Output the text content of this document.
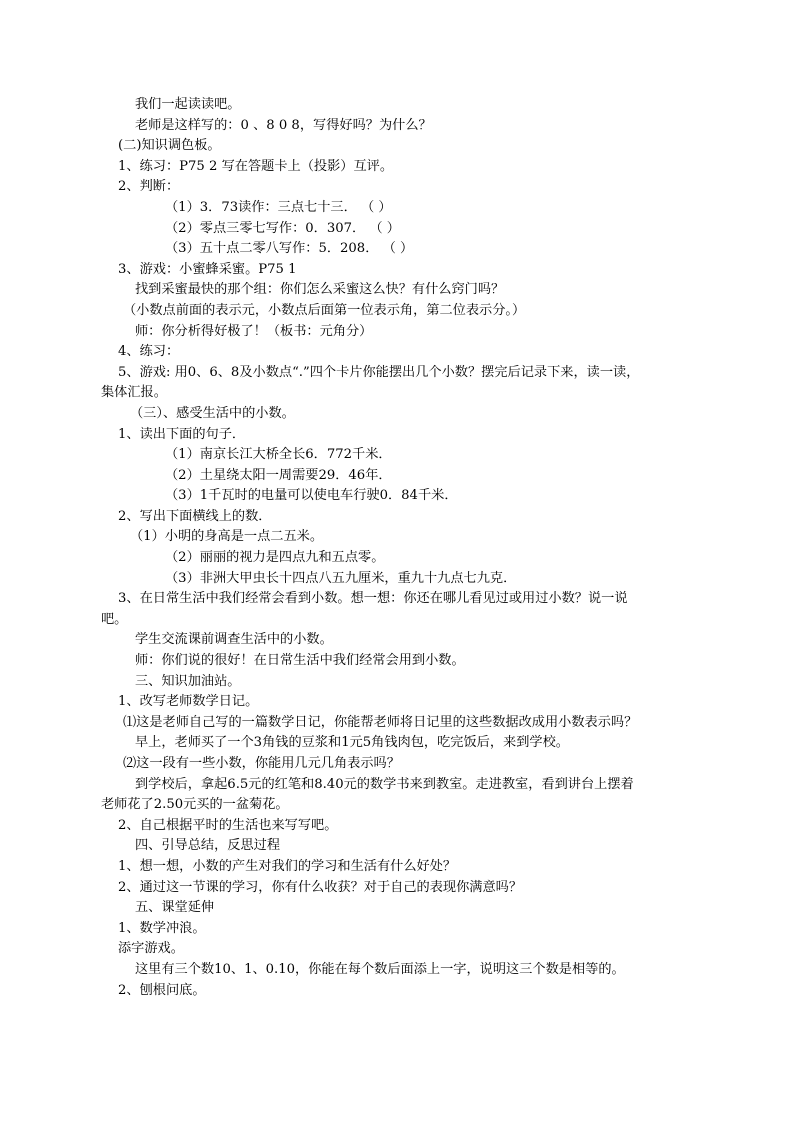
我们一起读读吧。
老师是这样写的：0 、8 0 8，写得好吗？为什么？
(二)知识调色板。
1、练习：P75 2 写在答题卡上（投影）互评。
2、判断：
（1）3．73读作：三点七十三． （ ）
（2）零点三零七写作：0．307． （ ）
（3）五十点二零八写作：5．208． （ ）
3、游戏：小蜜蜂采蜜。P75 1
找到采蜜最快的那个组：你们怎么采蜜这么快？有什么窍门吗？
（小数点前面的表示元，小数点后面第一位表示角，第二位表示分。）
师：你分析得好极了！（板书：元角分）
4、练习：
5、游戏: 用0、6、8及小数点“.”四个卡片你能摆出几个小数？摆完后记录下来，读一读，
集体汇报。
（三）、感受生活中的小数。
1、读出下面的句子．
（1）南京长江大桥全长6．772千米．
（2）土星绕太阳一周需要29．46年．
（3）1千瓦时的电量可以使电车行驶0．84千米．
2、写出下面横线上的数．
（1）小明的身高是一点二五米。
（2）丽丽的视力是四点九和五点零。
（3）非洲大甲虫长十四点八五九厘米，重九十九点七九克．
3、在日常生活中我们经常会看到小数。想一想：你还在哪儿看见过或用过小数？说一说
吧。
学生交流课前调查生活中的小数。
师：你们说的很好！在日常生活中我们经常会用到小数。
三、知识加油站。
1、改写老师数学日记。
⑴这是老师自己写的一篇数学日记，你能帮老师将日记里的这些数据改成用小数表示吗？
早上，老师买了一个3角钱的豆浆和1元5角钱肉包，吃完饭后，来到学校。
⑵这一段有一些小数，你能用几元几角表示吗？
到学校后，拿起6.5元的红笔和8.40元的数学书来到教室。走进教室，看到讲台上摆着
老师花了2.50元买的一盆菊花。
2、自己根据平时的生活也来写写吧。
四、引导总结，反思过程
1、想一想，小数的产生对我们的学习和生活有什么好处？
2、通过这一节课的学习，你有什么收获？对于自己的表现你满意吗？
五、课堂延伸
1、数学冲浪。
添字游戏。
这里有三个数10、1、0.10，你能在每个数后面添上一字，说明这三个数是相等的。
2、刨根问底。
